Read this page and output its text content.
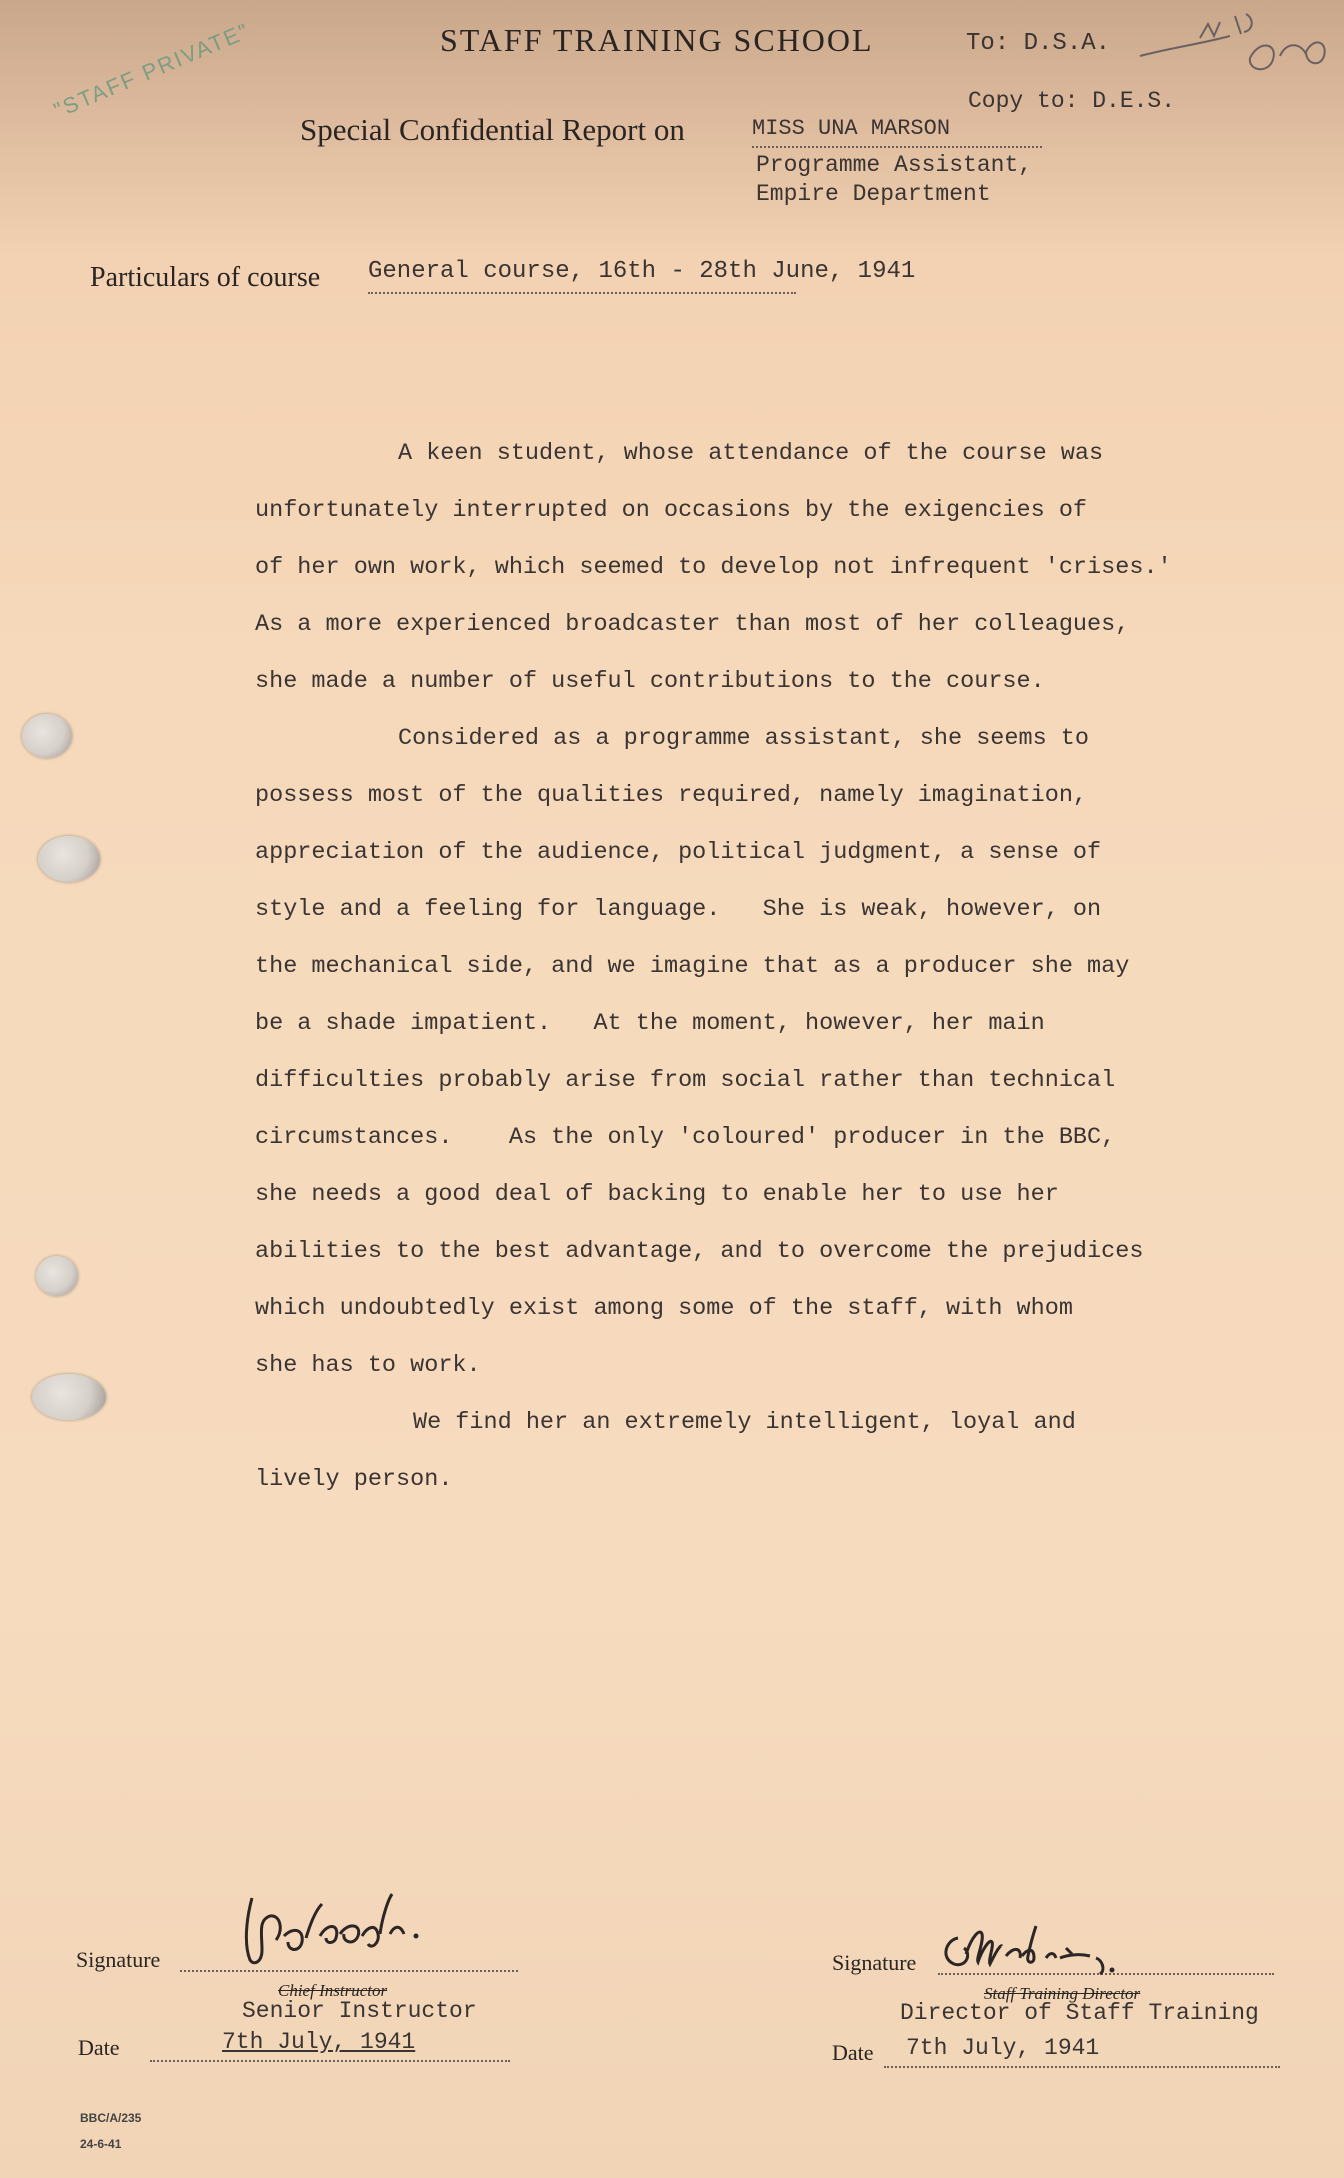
"STAFF PRIVATE"	STAFF TRAINING SCHOOL	To: D.S.A.
Copy to: D.E.S.
Special Confidential Report on	MISS UNA MARSON
Programme Assistant,
Empire Department
Particulars of course General course, 16th - 28th June, 1941
A keen student, whose attendance of the course was
unfortunately interrupted on occasions by the exigencies of
of her own work, which seemed to develop not infrequent 'crises.'
As a more experienced broadcaster than most of her colleagues,
she made a number of useful contributions to the course.
Considered as a programme assistant, she seems to
possess most of the qualities required, namely imagination,
appreciation of the audience, political judgment, a sense of
style and a feeling for language.   She is weak, however, on
the mechanical side, and we imagine that as a producer she may
be a shade impatient.   At the moment, however, her main
difficulties probably arise from social rather than technical
circumstances.    As the only 'coloured' producer in the BBC,
she needs a good deal of backing to enable her to use her
abilities to the best advantage, and to overcome the prejudices
which undoubtedly exist among some of the staff, with whom
she has to work.
We find her an extremely intelligent, loyal and
lively person.
Signature
Chief Instructor
Senior Instructor
Date	7th July, 1941
Signature
Staff Training Director
Director of Staff Training
Date 7th July, 1941
BBC/A/235
24-6-41
